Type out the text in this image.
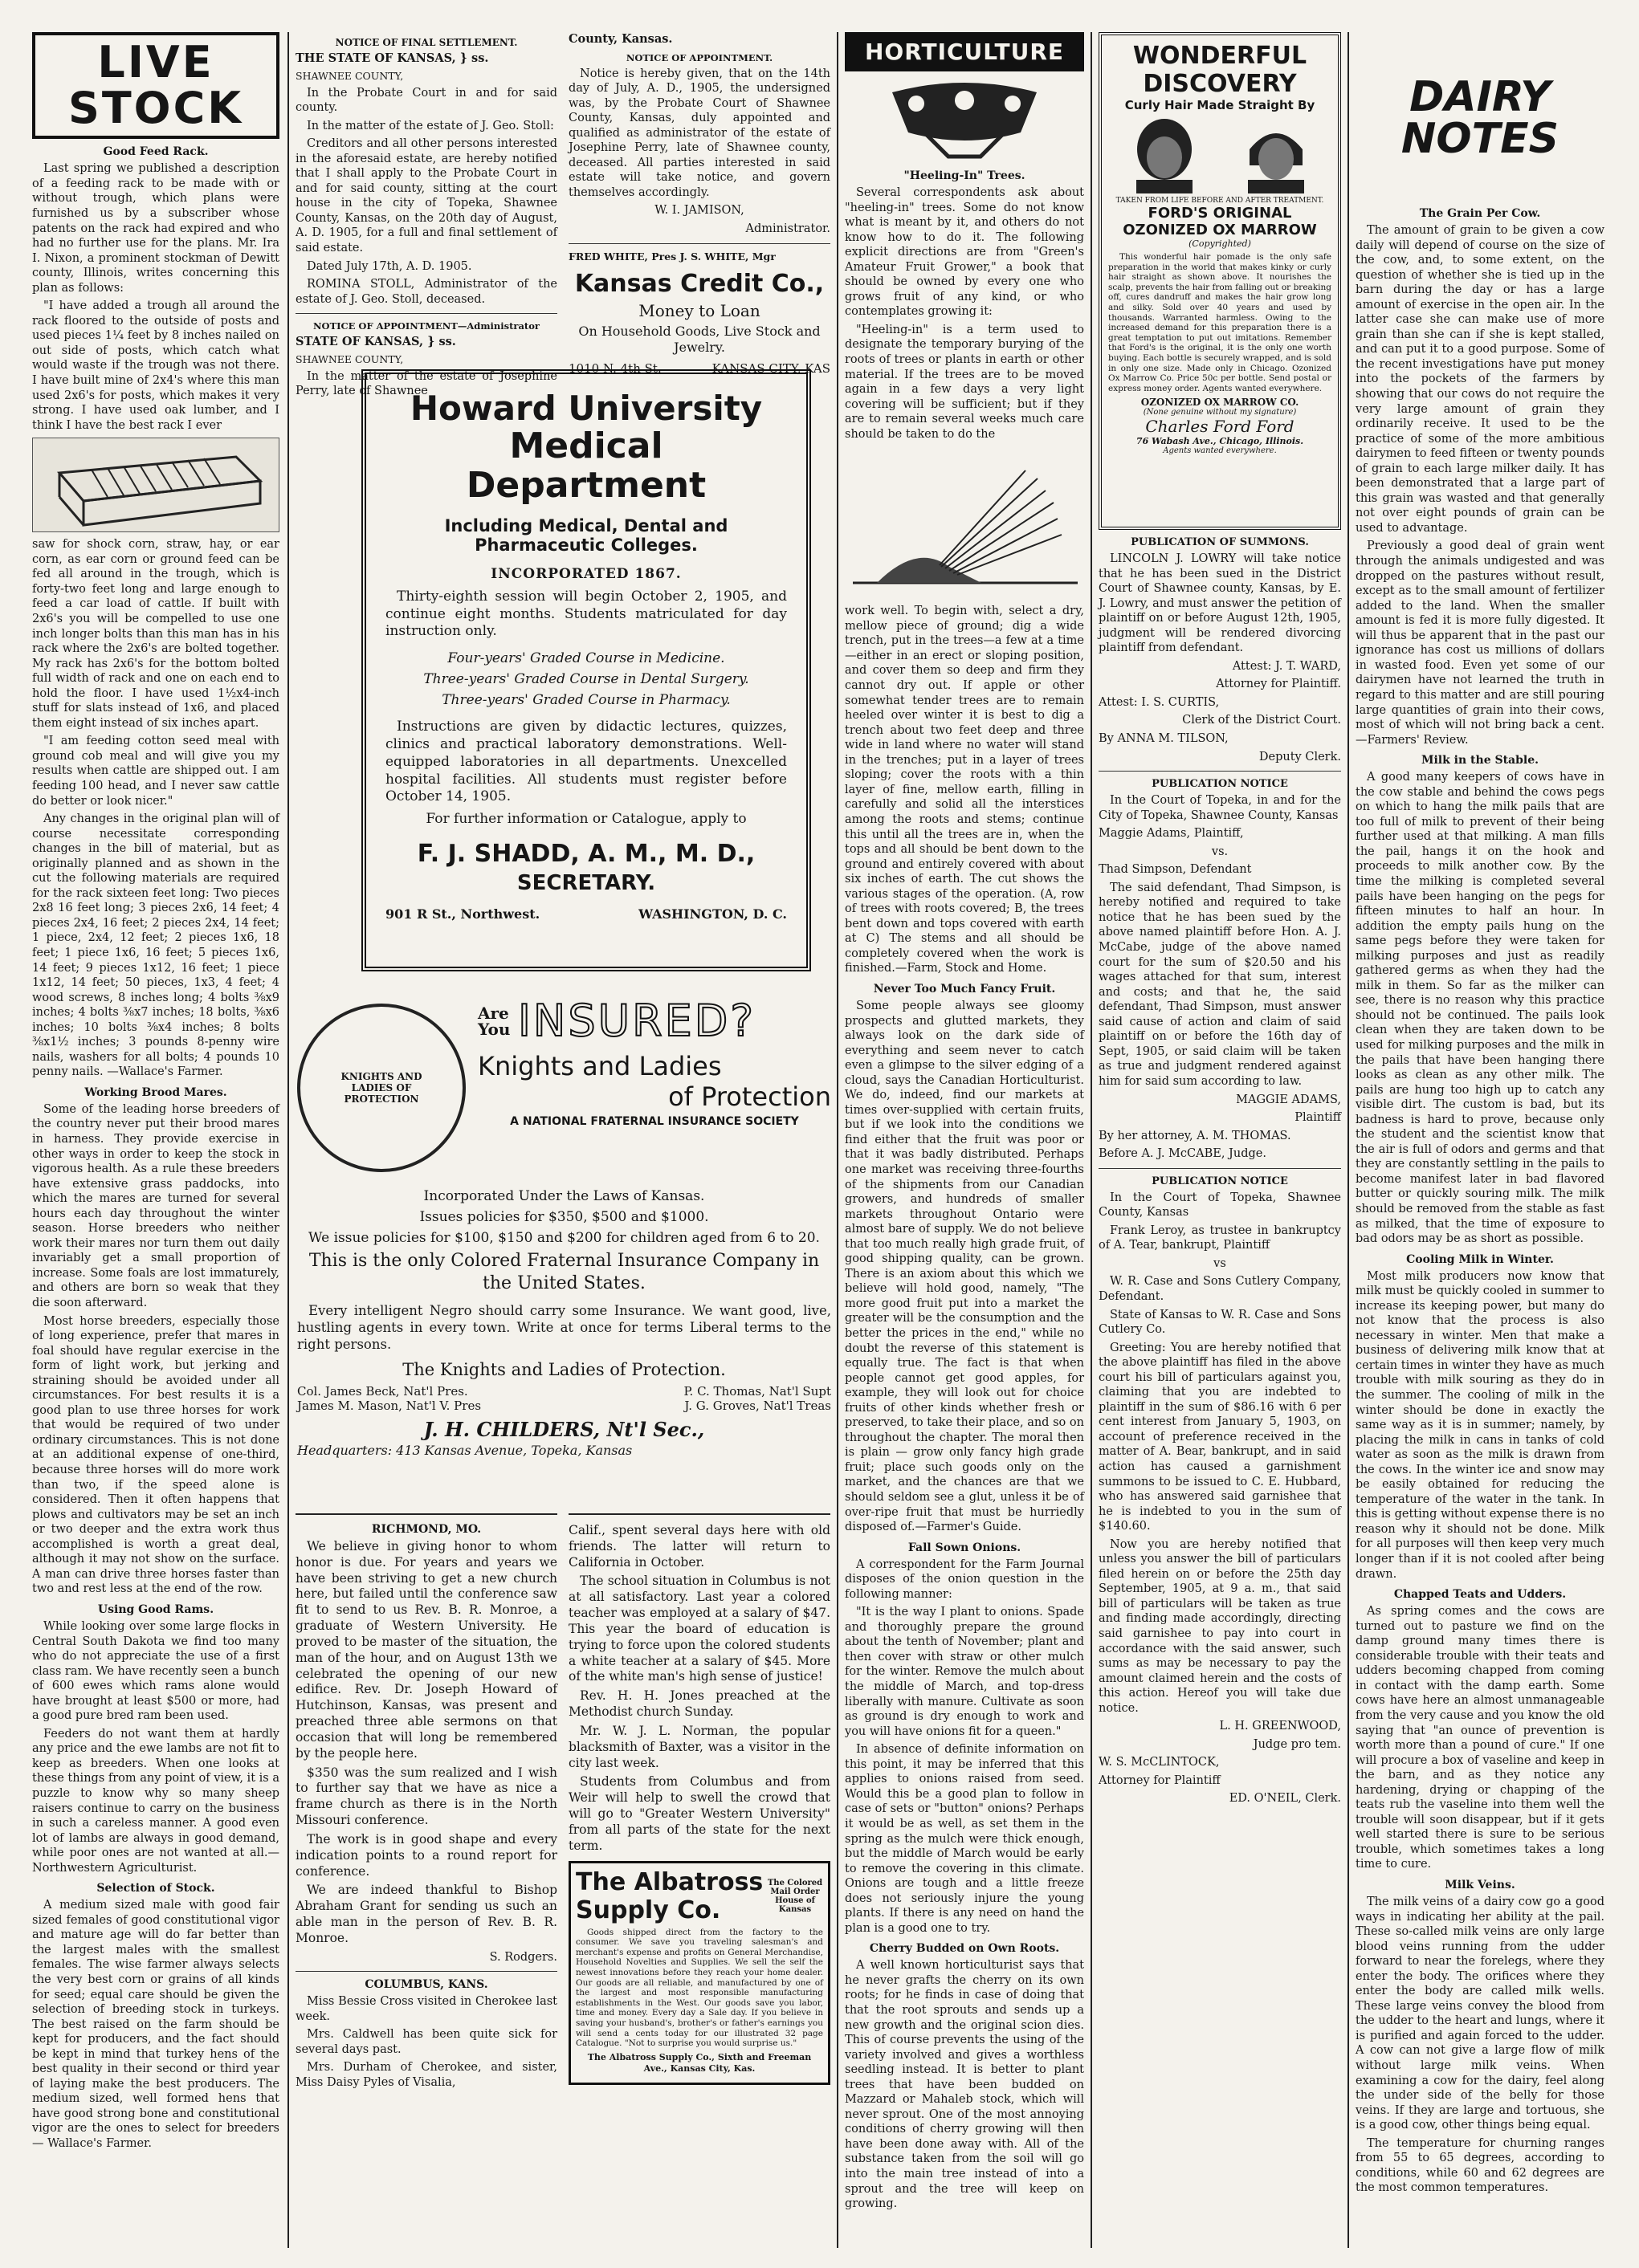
LIVE
STOCK
Good Feed Rack.

Last spring we published a description of a feeding rack to be made with or without trough, which plans were furnished us by a subscriber whose patents on the rack had expired and who had no further use for the plans. Mr. Ira I. Nixon, a prominent stockman of Dewitt county, Illinois, writes concerning this plan as follows:

"I have added a trough all around the rack floored to the outside of posts and used pieces 1¼ feet by 8 inches nailed on out side of posts, which catch what would waste if the trough was not there. I have built mine of 2x4's where this man used 2x6's for posts, which makes it very strong. I have used oak lumber, and I think I have the best rack I ever

saw for shock corn, straw, hay, or ear corn, as ear corn or ground feed can be fed all around in the trough, which is forty-two feet long and large enough to feed a car load of cattle. If built with 2x6's you will be compelled to use one inch longer bolts than this man has in his rack where the 2x6's are bolted together. My rack has 2x6's for the bottom bolted full width of rack and one on each end to hold the floor. I have used 1½x4-inch stuff for slats instead of 1x6, and placed them eight instead of six inches apart.

"I am feeding cotton seed meal with ground cob meal and will give you my results when cattle are shipped out. I am feeding 100 head, and I never saw cattle do better or look nicer."

Any changes in the original plan will of course necessitate corresponding changes in the bill of material, but as originally planned and as shown in the cut the following materials are required for the rack sixteen feet long: Two pieces 2x8 16 feet long; 3 pieces 2x6, 14 feet; 4 pieces 2x4, 16 feet; 2 pieces 2x4, 14 feet; 1 piece, 2x4, 12 feet; 2 pieces 1x6, 18 feet; 1 piece 1x6, 16 feet; 5 pieces 1x6, 14 feet; 9 pieces 1x12, 16 feet; 1 piece 1x12, 14 feet; 50 pieces, 1x3, 4 feet; 4 wood screws, 8 inches long; 4 bolts ⅜x9 inches; 4 bolts ⅜x7 inches; 18 bolts, ⅜x6 inches; 10 bolts ⅜x4 inches; 8 bolts ⅜x1½ inches; 3 pounds 8-penny wire nails, washers for all bolts; 4 pounds 10 penny nails. —Wallace's Farmer.

Working Brood Mares.

Some of the leading horse breeders of the country never put their brood mares in harness. They provide exercise in other ways in order to keep the stock in vigorous health. As a rule these breeders have extensive grass paddocks, into which the mares are turned for several hours each day throughout the winter season. Horse breeders who neither work their mares nor turn them out daily invariably get a small proportion of increase. Some foals are lost immaturely, and others are born so weak that they die soon afterward.

Most horse breeders, especially those of long experience, prefer that mares in foal should have regular exercise in the form of light work, but jerking and straining should be avoided under all circumstances. For best results it is a good plan to use three horses for work that would be required of two under ordinary circumstances. This is not done at an additional expense of one-third, because three horses will do more work than two, if the speed alone is considered. Then it often happens that plows and cultivators may be set an inch or two deeper and the extra work thus accomplished is worth a great deal, although it may not show on the surface. A man can drive three horses faster than two and rest less at the end of the row.

Using Good Rams.

While looking over some large flocks in Central South Dakota we find too many who do not appreciate the use of a first class ram. We have recently seen a bunch of 600 ewes which rams alone would have brought at least $500 or more, had a good pure bred ram been used.

Feeders do not want them at hardly any price and the ewe lambs are not fit to keep as breeders. When one looks at these things from any point of view, it is a puzzle to know why so many sheep raisers continue to carry on the business in such a careless manner. A good even lot of lambs are always in good demand, while poor ones are not wanted at all.— Northwestern Agriculturist.

Selection of Stock.

A medium sized male with good fair sized females of good constitutional vigor and mature age will do far better than the largest males with the smallest females. The wise farmer always selects the very best corn or grains of all kinds for seed; equal care should be given the selection of breeding stock in turkeys. The best raised on the farm should be kept for producers, and the fact should be kept in mind that turkey hens of the best quality in their second or third year of laying make the best producers. The medium sized, well formed hens that have good strong bone and constitutional vigor are the ones to select for breeders — Wallace's Farmer.

NOTICE OF FINAL SETTLEMENT.

THE STATE OF KANSAS, } ss.

SHAWNEE COUNTY,

In the Probate Court in and for said county.

In the matter of the estate of J. Geo. Stoll:

Creditors and all other persons interested in the aforesaid estate, are hereby notified that I shall apply to the Probate Court in and for said county, sitting at the court house in the city of Topeka, Shawnee County, Kansas, on the 20th day of August, A. D. 1905, for a full and final settlement of said estate.

Dated July 17th, A. D. 1905.

ROMINA STOLL, Administrator of the estate of J. Geo. Stoll, deceased.

NOTICE OF APPOINTMENT—Administrator

STATE OF KANSAS, } ss.

SHAWNEE COUNTY,

In the matter of the estate of Josephine Perry, late of Shawnee

County, Kansas.

NOTICE OF APPOINTMENT.

Notice is hereby given, that on the 14th day of July, A. D., 1905, the undersigned was, by the Probate Court of Shawnee County, Kansas, duly appointed and qualified as administrator of the estate of Josephine Perry, late of Shawnee county, deceased. All parties interested in said estate will take notice, and govern themselves accordingly.

W. I. JAMISON,

Administrator.

FRED WHITE, Pres J. S. WHITE, Mgr

Kansas Credit Co.,
Money to Loan

On Household Goods, Live Stock and Jewelry.

1010 N. 4th St.	KANSAS CITY, KAS
Howard University
Medical Department
Including Medical, Dental and Pharmaceutic Colleges.
INCORPORATED 1867.

Thirty-eighth session will begin October 2, 1905, and continue eight months. Students matriculated for day instruction only.

Four-years' Graded Course in Medicine.

Three-years' Graded Course in Dental Surgery.

Three-years' Graded Course in Pharmacy.

Instructions are given by didactic lectures, quizzes, clinics and practical laboratory demonstrations. Well-equipped laboratories in all departments. Unexcelled hospital facilities. All students must register before October 14, 1905.

For further information or Catalogue, apply to

F. J. SHADD, A. M., M. D.,
SECRETARY.
901 R St., Northwest.	WASHINGTON, D. C.
KNIGHTS AND LADIES OF PROTECTION
Are You INSURED?
Knights and Ladies
of Protection
A NATIONAL FRATERNAL INSURANCE SOCIETY

Incorporated Under the Laws of Kansas.

Issues policies for $350, $500 and $1000.

We issue policies for $100, $150 and $200 for children aged from 6 to 20.

This is the only Colored Fraternal Insurance Company in the United States.

Every intelligent Negro should carry some Insurance. We want good, live, hustling agents in every town. Write at once for terms Liberal terms to the right persons.

The Knights and Ladies of Protection.

Col. James Beck, Nat'l Pres.	P. C. Thomas, Nat'l Supt
James M. Mason, Nat'l V. Pres	J. G. Groves, Nat'l Treas
J. H. CHILDERS, Nt'l Sec.,
Headquarters: 413 Kansas Avenue, Topeka, Kansas
RICHMOND, MO.

We believe in giving honor to whom honor is due. For years and years we have been striving to get a new church here, but failed until the conference saw fit to send to us Rev. B. R. Monroe, a graduate of Western University. He proved to be master of the situation, the man of the hour, and on August 13th we celebrated the opening of our new edifice. Rev. Dr. Joseph Howard of Hutchinson, Kansas, was present and preached three able sermons on that occasion that will long be remembered by the people here.

$350 was the sum realized and I wish to further say that we have as nice a frame church as there is in the North Missouri conference.

The work is in good shape and every indication points to a round report for conference.

We are indeed thankful to Bishop Abraham Grant for sending us such an able man in the person of Rev. B. R. Monroe.

S. Rodgers.

COLUMBUS, KANS.

Miss Bessie Cross visited in Cherokee last week.

Mrs. Caldwell has been quite sick for several days past.

Mrs. Durham of Cherokee, and sister, Miss Daisy Pyles of Visalia,

Calif., spent several days here with old friends. The latter will return to California in October.

The school situation in Columbus is not at all satisfactory. Last year a colored teacher was employed at a salary of $47. This year the board of education is trying to force upon the colored students a white teacher at a salary of $45. More of the white man's high sense of justice!

Rev. H. H. Jones preached at the Methodist church Sunday.

Mr. W. J. L. Norman, the popular blacksmith of Baxter, was a visitor in the city last week.

Students from Columbus and from Weir will help to swell the crowd that will go to "Greater Western University" from all parts of the state for the next term.

The Albatross
Supply Co.
The Colored Mail Order House of Kansas

Goods shipped direct from the factory to the consumer. We save you traveling salesman's and merchant's expense and profits on General Merchandise, Household Novelties and Supplies. We sell the self the newest innovations before they reach your home dealer. Our goods are all reliable, and manufactured by one of the largest and most responsible manufacturing establishments in the West. Our goods save you labor, time and money. Every day a Sale day. If you believe in saving your husband's, brother's or father's earnings you will send a cents today for our illustrated 32 page Catalogue. "Not to surprise you would surprise us."

The Albatross Supply Co., Sixth and Freeman Ave., Kansas City, Kas.

HORTICULTURE
"Heeling-In" Trees.

Several correspondents ask about "heeling-in" trees. Some do not know what is meant by it, and others do not know how to do it. The following explicit directions are from "Green's Amateur Fruit Grower," a book that should be owned by every one who grows fruit of any kind, or who contemplates growing it:

"Heeling-in" is a term used to designate the temporary burying of the roots of trees or plants in earth or other material. If the trees are to be moved again in a few days a very light covering will be sufficient; but if they are to remain several weeks much care should be taken to do the

work well. To begin with, select a dry, mellow piece of ground; dig a wide trench, put in the trees—a few at a time—either in an erect or sloping position, and cover them so deep and firm they cannot dry out. If apple or other somewhat tender trees are to remain heeled over winter it is best to dig a trench about two feet deep and three wide in land where no water will stand in the trenches; put in a layer of trees sloping; cover the roots with a thin layer of fine, mellow earth, filling in carefully and solid all the interstices among the roots and stems; continue this until all the trees are in, when the tops and all should be bent down to the ground and entirely covered with about six inches of earth. The cut shows the various stages of the operation. (A, row of trees with roots covered; B, the trees bent down and tops covered with earth at C) The stems and all should be completely covered when the work is finished.—Farm, Stock and Home.

Never Too Much Fancy Fruit.

Some people always see gloomy prospects and glutted markets, they always look on the dark side of everything and seem never to catch even a glimpse to the silver edging of a cloud, says the Canadian Horticulturist. We do, indeed, find our markets at times over-supplied with certain fruits, but if we look into the conditions we find either that the fruit was poor or that it was badly distributed. Perhaps one market was receiving three-fourths of the shipments from our Canadian growers, and hundreds of smaller markets throughout Ontario were almost bare of supply. We do not believe that too much really high grade fruit, of good shipping quality, can be grown. There is an axiom about this which we believe will hold good, namely, "The more good fruit put into a market the greater will be the consumption and the better the prices in the end," while no doubt the reverse of this statement is equally true. The fact is that when people cannot get good apples, for example, they will look out for choice fruits of other kinds whether fresh or preserved, to take their place, and so on throughout the chapter. The moral then is plain — grow only fancy high grade fruit; place such goods only on the market, and the chances are that we should seldom see a glut, unless it be of over-ripe fruit that must be hurriedly disposed of.—Farmer's Guide.

Fall Sown Onions.

A correspondent for the Farm Journal disposes of the onion question in the following manner:

"It is the way I plant to onions. Spade and thoroughly prepare the ground about the tenth of November; plant and then cover with straw or other mulch for the winter. Remove the mulch about the middle of March, and top-dress liberally with manure. Cultivate as soon as ground is dry enough to work and you will have onions fit for a queen."

In absence of definite information on this point, it may be inferred that this applies to onions raised from seed. Would this be a good plan to follow in case of sets or "button" onions? Perhaps it would be as well, as set them in the spring as the mulch were thick enough, but the middle of March would be early to remove the covering in this climate. Onions are tough and a little freeze does not seriously injure the young plants. If there is any need on hand the plan is a good one to try.

Cherry Budded on Own Roots.

A well known horticulturist says that he never grafts the cherry on its own roots; for he finds in case of doing that that the root sprouts and sends up a new growth and the original scion dies. This of course prevents the using of the variety involved and gives a worthless seedling instead. It is better to plant trees that have been budded on Mazzard or Mahaleb stock, which will never sprout. One of the most annoying conditions of cherry growing will then have been done away with. All of the substance taken from the soil will go into the main tree instead of into a sprout and the tree will keep on growing.

WONDERFUL
DISCOVERY
Curly Hair Made Straight By
TAKEN FROM LIFE BEFORE AND AFTER TREATMENT.
FORD'S ORIGINAL
OZONIZED OX MARROW
(Copyrighted)

This wonderful hair pomade is the only safe preparation in the world that makes kinky or curly hair straight as shown above. It nourishes the scalp, prevents the hair from falling out or breaking off, cures dandruff and makes the hair grow long and silky. Sold over 40 years and used by thousands. Warranted harmless. Owing to the increased demand for this preparation there is a great temptation to put out imitations. Remember that Ford's is the original, it is the only one worth buying. Each bottle is securely wrapped, and is sold in only one size. Made only in Chicago. Ozonized Ox Marrow Co. Price 50c per bottle. Send postal or express money order. Agents wanted everywhere.

OZONIZED OX MARROW CO.
(None genuine without my signature)
Charles Ford Ford
76 Wabash Ave., Chicago, Illinois.
Agents wanted everywhere.
PUBLICATION OF SUMMONS.

LINCOLN J. LOWRY will take notice that he has been sued in the District Court of Shawnee county, Kansas, by E. J. Lowry, and must answer the petition of plaintiff on or before August 12th, 1905, judgment will be rendered divorcing plaintiff from defendant.

Attest: J. T. WARD,

Attorney for Plaintiff.

Attest: I. S. CURTIS,

Clerk of the District Court.

By ANNA M. TILSON,

Deputy Clerk.

PUBLICATION NOTICE

In the Court of Topeka, in and for the City of Topeka, Shawnee County, Kansas

Maggie Adams, Plaintiff,

vs.

Thad Simpson, Defendant

The said defendant, Thad Simpson, is hereby notified and required to take notice that he has been sued by the above named plaintiff before Hon. A. J. McCabe, judge of the above named court for the sum of $20.50 and his wages attached for that sum, interest and costs; and that he, the said defendant, Thad Simpson, must answer said cause of action and claim of said plaintiff on or before the 16th day of Sept, 1905, or said claim will be taken as true and judgment rendered against him for said sum according to law.

MAGGIE ADAMS,

Plaintiff

By her attorney, A. M. THOMAS.

Before A. J. McCABE, Judge.

PUBLICATION NOTICE

In the Court of Topeka, Shawnee County, Kansas

Frank Leroy, as trustee in bankruptcy of A. Tear, bankrupt, Plaintiff

vs

W. R. Case and Sons Cutlery Company, Defendant.

State of Kansas to W. R. Case and Sons Cutlery Co.

Greeting: You are hereby notified that the above plaintiff has filed in the above court his bill of particulars against you, claiming that you are indebted to plaintiff in the sum of $86.16 with 6 per cent interest from January 5, 1903, on account of preference received in the matter of A. Bear, bankrupt, and in said action has caused a garnishment summons to be issued to C. E. Hubbard, who has answered said garnishee that he is indebted to you in the sum of $140.60.

Now you are hereby notified that unless you answer the bill of particulars filed herein on or before the 25th day September, 1905, at 9 a. m., that said bill of particulars will be taken as true and finding made accordingly, directing said garnishee to pay into court in accordance with the said answer, such sums as may be necessary to pay the amount claimed herein and the costs of this action. Hereof you will take due notice.

L. H. GREENWOOD,

Judge pro tem.

W. S. McCLINTOCK,

Attorney for Plaintiff

ED. O'NEIL, Clerk.

DAIRY NOTES
The Grain Per Cow.

The amount of grain to be given a cow daily will depend of course on the size of the cow, and, to some extent, on the question of whether she is tied up in the barn during the day or has a large amount of exercise in the open air. In the latter case she can make use of more grain than she can if she is kept stalled, and can put it to a good purpose. Some of the recent investigations have put money into the pockets of the farmers by showing that our cows do not require the very large amount of grain they ordinarily receive. It used to be the practice of some of the more ambitious dairymen to feed fifteen or twenty pounds of grain to each large milker daily. It has been demonstrated that a large part of this grain was wasted and that generally not over eight pounds of grain can be used to advantage.

Previously a good deal of grain went through the animals undigested and was dropped on the pastures without result, except as to the small amount of fertilizer added to the land. When the smaller amount is fed it is more fully digested. It will thus be apparent that in the past our ignorance has cost us millions of dollars in wasted food. Even yet some of our dairymen have not learned the truth in regard to this matter and are still pouring large quantities of grain into their cows, most of which will not bring back a cent.—Farmers' Review.

Milk in the Stable.

A good many keepers of cows have in the cow stable and behind the cows pegs on which to hang the milk pails that are too full of milk to prevent of their being further used at that milking. A man fills the pail, hangs it on the hook and proceeds to milk another cow. By the time the milking is completed several pails have been hanging on the pegs for fifteen minutes to half an hour. In addition the empty pails hung on the same pegs before they were taken for milking purposes and just as readily gathered germs as when they had the milk in them. So far as the milker can see, there is no reason why this practice should not be continued. The pails look clean when they are taken down to be used for milking purposes and the milk in the pails that have been hanging there looks as clean as any other milk. The pails are hung too high up to catch any visible dirt. The custom is bad, but its badness is hard to prove, because only the student and the scientist know that the air is full of odors and germs and that they are constantly settling in the pails to become manifest later in bad flavored butter or quickly souring milk. The milk should be removed from the stable as fast as milked, that the time of exposure to bad odors may be as short as possible.

Cooling Milk in Winter.

Most milk producers now know that milk must be quickly cooled in summer to increase its keeping power, but many do not know that the process is also necessary in winter. Men that make a business of delivering milk know that at certain times in winter they have as much trouble with milk souring as they do in the summer. The cooling of milk in the winter should be done in exactly the same way as it is in summer; namely, by placing the milk in cans in tanks of cold water as soon as the milk is drawn from the cows. In the winter ice and snow may be easily obtained for reducing the temperature of the water in the tank. In this is getting without expense there is no reason why it should not be done. Milk for all purposes will then keep very much longer than if it is not cooled after being drawn.

Chapped Teats and Udders.

As spring comes and the cows are turned out to pasture we find on the damp ground many times there is considerable trouble with their teats and udders becoming chapped from coming in contact with the damp earth. Some cows have here an almost unmanageable from the very cause and you know the old saying that "an ounce of prevention is worth more than a pound of cure." If one will procure a box of vaseline and keep in the barn, and as they notice any hardening, drying or chapping of the teats rub the vaseline into them well the trouble will soon disappear, but if it gets well started there is sure to be serious trouble, which sometimes takes a long time to cure.

Milk Veins.

The milk veins of a dairy cow go a good ways in indicating her ability at the pail. These so-called milk veins are only large blood veins running from the udder forward to near the forelegs, where they enter the body. The orifices where they enter the body are called milk wells. These large veins convey the blood from the udder to the heart and lungs, where it is purified and again forced to the udder. A cow can not give a large flow of milk without large milk veins. When examining a cow for the dairy, feel along the under side of the belly for those veins. If they are large and tortuous, she is a good cow, other things being equal.

The temperature for churning ranges from 55 to 65 degrees, according to conditions, while 60 and 62 degrees are the most common temperatures.
